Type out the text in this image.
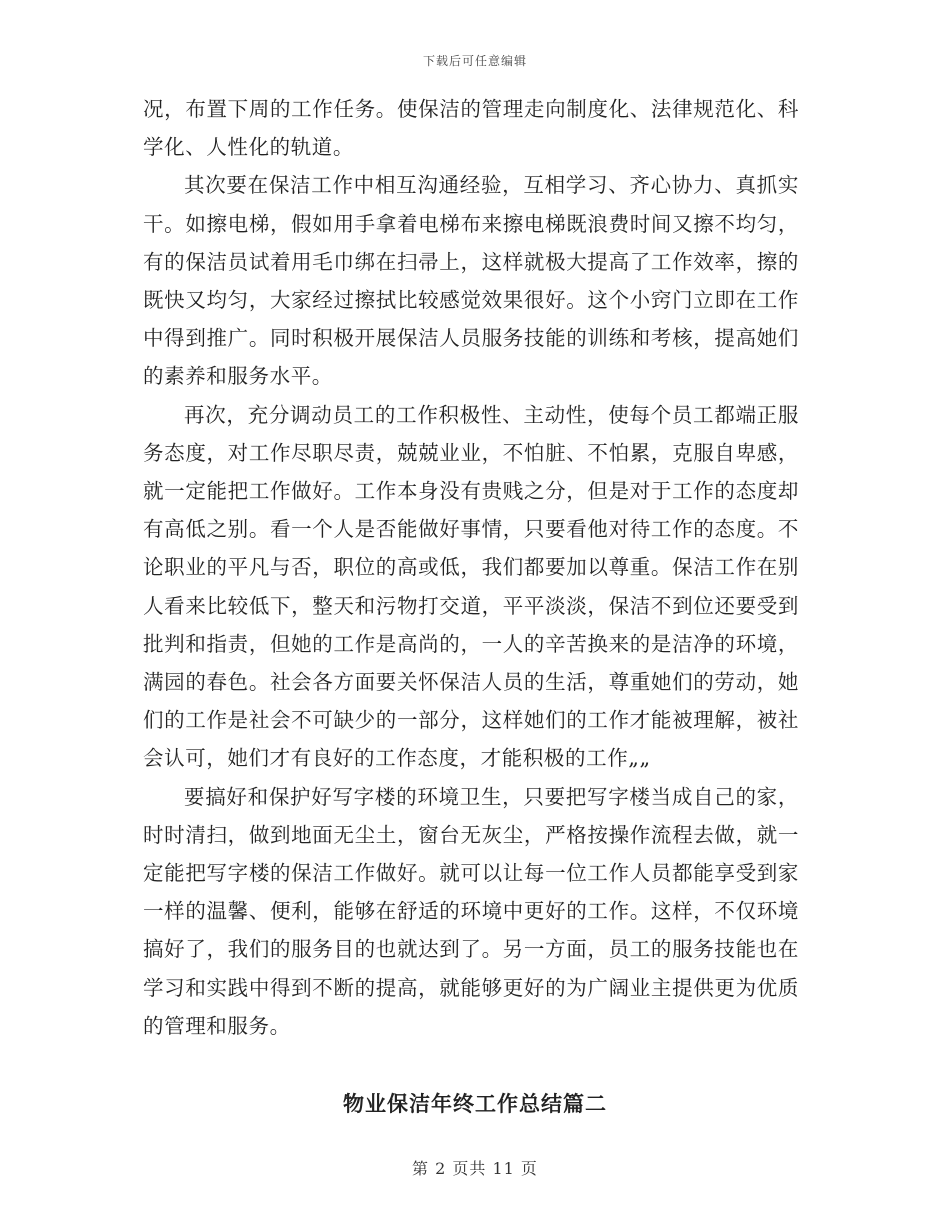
下载后可任意编辑

况，布置下周的工作任务。使保洁的管理走向制度化、法律规范化、科学化、人性化的轨道。

其次要在保洁工作中相互沟通经验，互相学习、齐心协力、真抓实干。如擦电梯，假如用手拿着电梯布来擦电梯既浪费时间又擦不均匀，有的保洁员试着用毛巾绑在扫帚上，这样就极大提高了工作效率，擦的既快又均匀，大家经过擦拭比较感觉效果很好。这个小窍门立即在工作中得到推广。同时积极开展保洁人员服务技能的训练和考核，提高她们的素养和服务水平。

再次，充分调动员工的工作积极性、主动性，使每个员工都端正服务态度，对工作尽职尽责，兢兢业业，不怕脏、不怕累，克服自卑感，就一定能把工作做好。工作本身没有贵贱之分，但是对于工作的态度却有高低之别。看一个人是否能做好事情，只要看他对待工作的态度。不论职业的平凡与否，职位的高或低，我们都要加以尊重。保洁工作在别人看来比较低下，整天和污物打交道，平平淡淡，保洁不到位还要受到批判和指责，但她的工作是高尚的，一人的辛苦换来的是洁净的环境，满园的春色。社会各方面要关怀保洁人员的生活，尊重她们的劳动，她们的工作是社会不可缺少的一部分，这样她们的工作才能被理解，被社会认可，她们才有良好的工作态度，才能积极的工作„„

要搞好和保护好写字楼的环境卫生，只要把写字楼当成自己的家，时时清扫，做到地面无尘土，窗台无灰尘，严格按操作流程去做，就一定能把写字楼的保洁工作做好。就可以让每一位工作人员都能享受到家一样的温馨、便利，能够在舒适的环境中更好的工作。这样，不仅环境搞好了，我们的服务目的也就达到了。另一方面，员工的服务技能也在学习和实践中得到不断的提高，就能够更好的为广阔业主提供更为优质的管理和服务。

物业保洁年终工作总结篇二
第 2 页共 11 页
